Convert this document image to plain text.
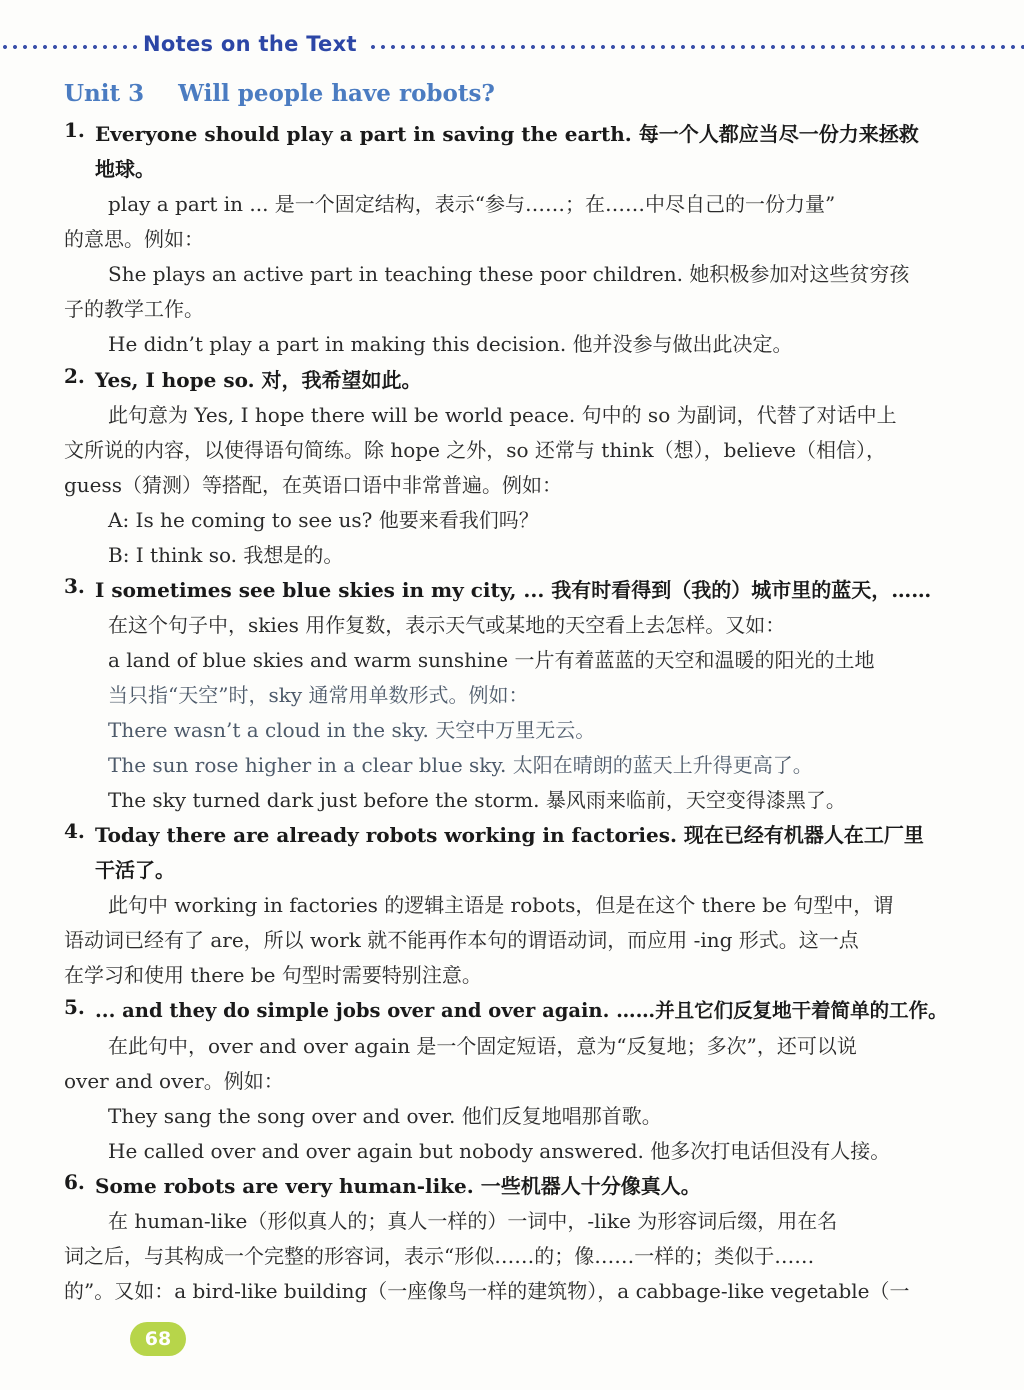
Notes on the Text
Unit 3 Will people have robots?
1. Everyone should play a part in saving the earth. 每一个人都应当尽一份力来拯救
地球。
play a part in ... 是一个固定结构，表示“参与……；在……中尽自己的一份力量”
的意思。例如：
She plays an active part in teaching these poor children. 她积极参加对这些贫穷孩
子的教学工作。
He didn’t play a part in making this decision. 他并没参与做出此决定。
2. Yes, I hope so. 对，我希望如此。
此句意为 Yes, I hope there will be world peace. 句中的 so 为副词，代替了对话中上
文所说的内容，以使得语句简练。除 hope 之外，so 还常与 think（想），believe（相信），
guess（猜测）等搭配，在英语口语中非常普遍。例如：
A: Is he coming to see us? 他要来看我们吗？
B: I think so. 我想是的。
3. I sometimes see blue skies in my city, ... 我有时看得到（我的）城市里的蓝天，……
在这个句子中，skies 用作复数，表示天气或某地的天空看上去怎样。又如：
a land of blue skies and warm sunshine 一片有着蓝蓝的天空和温暖的阳光的土地
当只指“天空”时，sky 通常用单数形式。例如：
There wasn’t a cloud in the sky. 天空中万里无云。
The sun rose higher in a clear blue sky. 太阳在晴朗的蓝天上升得更高了。
The sky turned dark just before the storm. 暴风雨来临前，天空变得漆黑了。
4. Today there are already robots working in factories. 现在已经有机器人在工厂里
干活了。
此句中 working in factories 的逻辑主语是 robots，但是在这个 there be 句型中，谓
语动词已经有了 are，所以 work 就不能再作本句的谓语动词，而应用 -ing 形式。这一点
在学习和使用 there be 句型时需要特别注意。
5. ... and they do simple jobs over and over again. ……并且它们反复地干着简单的工作。
在此句中，over and over again 是一个固定短语，意为“反复地；多次”，还可以说
over and over。例如：
They sang the song over and over. 他们反复地唱那首歌。
He called over and over again but nobody answered. 他多次打电话但没有人接。
6. Some robots are very human-like. 一些机器人十分像真人。
在 human-like（形似真人的；真人一样的）一词中，-like 为形容词后缀，用在名
词之后，与其构成一个完整的形容词，表示“形似……的；像……一样的；类似于……
的”。又如：a bird-like building（一座像鸟一样的建筑物），a cabbage-like vegetable（一
68
